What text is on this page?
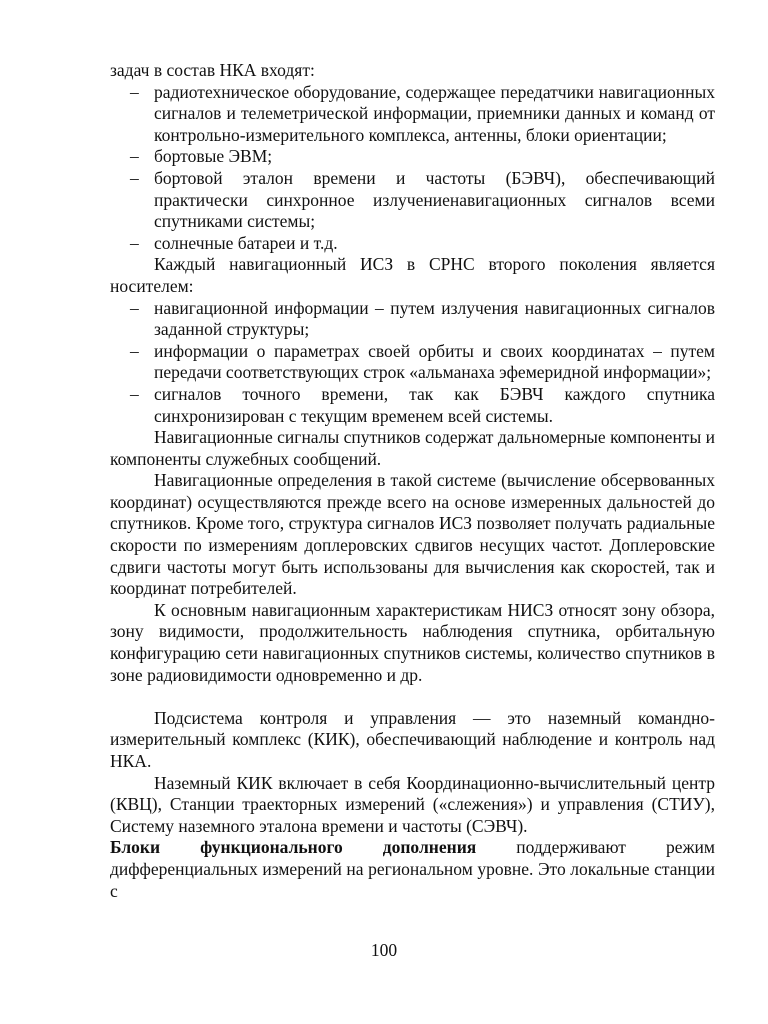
задач в состав НКА входят:

– радиотехническое оборудование, содержащее передатчики навигационных сигналов и телеметрической информации, приемники данных и команд от контрольно-измерительного комплекса, антенны, блоки ориентации;
– бортовые ЭВМ;
– бортовой эталон времени и частоты (БЭВЧ), обеспечивающий практически синхронное излучениенавигационных сигналов всеми спутниками системы;
– солнечные батареи и т.д.

Каждый навигационный ИСЗ в СРНС второго поколения является носителем:

– навигационной информации – путем излучения навигационных сигналов заданной структуры;
– информации о параметрах своей орбиты и своих координатах – путем передачи соответствующих строк «альманаха эфемеридной информации»;
– сигналов точного времени, так как БЭВЧ каждого спутника синхронизирован с текущим временем всей системы.

Навигационные сигналы спутников содержат дальномерные компоненты и компоненты служебных сообщений.

Навигационные определения в такой системе (вычисление обсервованных координат) осуществляются прежде всего на основе измеренных дальностей до спутников. Кроме того, структура сигналов ИСЗ позволяет получать радиальные скорости по измерениям доплеровских сдвигов несущих частот. Доплеровские сдвиги частоты могут быть использованы для вычисления как скоростей, так и координат потребителей.

К основным навигационным характеристикам НИСЗ относят зону обзора, зону видимости, продолжительность наблюдения спутника, орбитальную конфигурацию сети навигационных спутников системы, количество спутников в зоне радиовидимости одновременно и др.

Подсистема контроля и управления — это наземный командно-измерительный комплекс (КИК), обеспечивающий наблюдение и контроль над НКА.

Наземный КИК включает в себя Координационно-вычислительный центр (КВЦ), Станции траекторных измерений («слежения») и управления (СТИУ), Систему наземного эталона времени и частоты (СЭВЧ).

Блоки функционального дополнения поддерживают режим дифференциальных измерений на региональном уровне. Это локальные станции с

100
